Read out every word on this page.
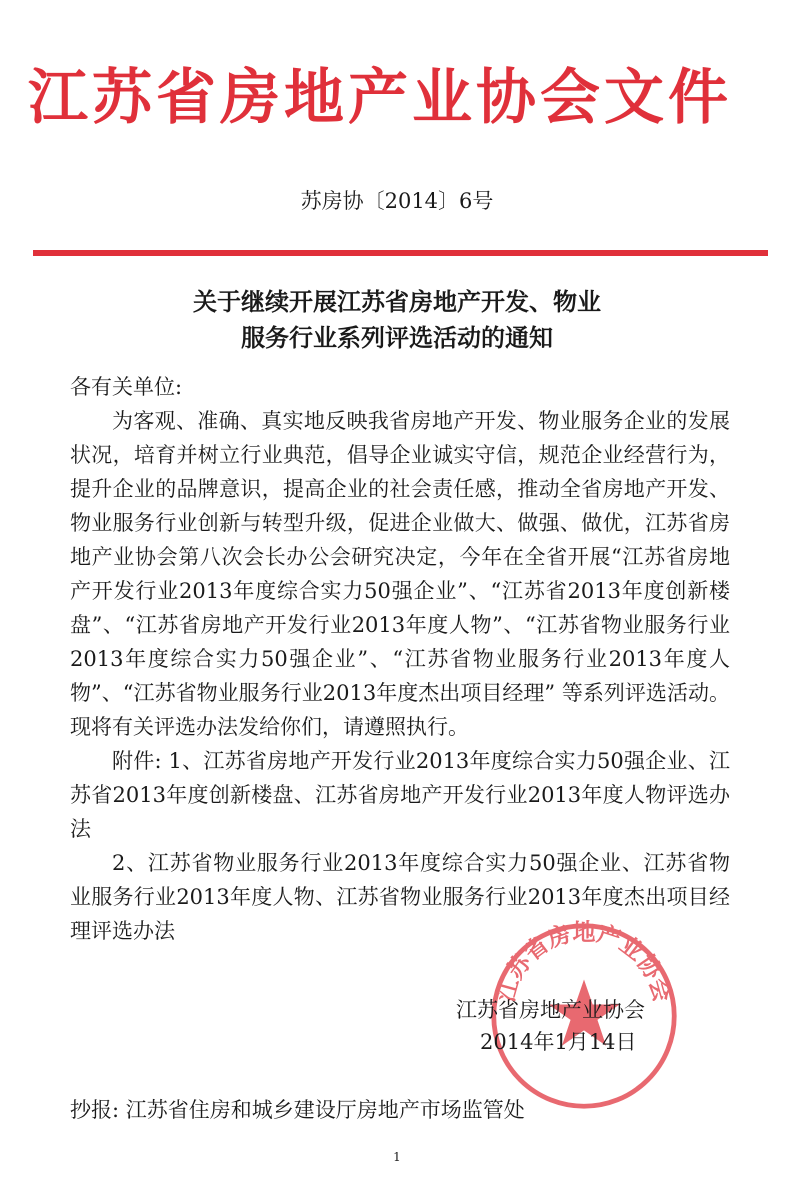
江苏省房地产业协会文件
苏房协〔2014〕6号
关于继续开展江苏省房地产开发、物业
服务行业系列评选活动的通知

各有关单位:

为客观、准确、真实地反映我省房地产开发、物业服务企业的发展状况，培育并树立行业典范，倡导企业诚实守信，规范企业经营行为，提升企业的品牌意识，提高企业的社会责任感，推动全省房地产开发、物业服务行业创新与转型升级，促进企业做大、做强、做优，江苏省房地产业协会第八次会长办公会研究决定，今年在全省开展“江苏省房地产开发行业2013年度综合实力50强企业”、“江苏省2013年度创新楼盘”、“江苏省房地产开发行业2013年度人物”、“江苏省物业服务行业2013年度综合实力50强企业”、“江苏省物业服务行业2013年度人物”、“江苏省物业服务行业2013年度杰出项目经理” 等系列评选活动。现将有关评选办法发给你们，请遵照执行。

附件: 1、江苏省房地产开发行业2013年度综合实力50强企业、江苏省2013年度创新楼盘、江苏省房地产开发行业2013年度人物评选办法

2、江苏省物业服务行业2013年度综合实力50强企业、江苏省物业服务行业2013年度人物、江苏省物业服务行业2013年度杰出项目经理评选办法

江苏省房地产业协会
江苏省房地产业协会
2014年1月14日
抄报: 江苏省住房和城乡建设厅房地产市场监管处
1
